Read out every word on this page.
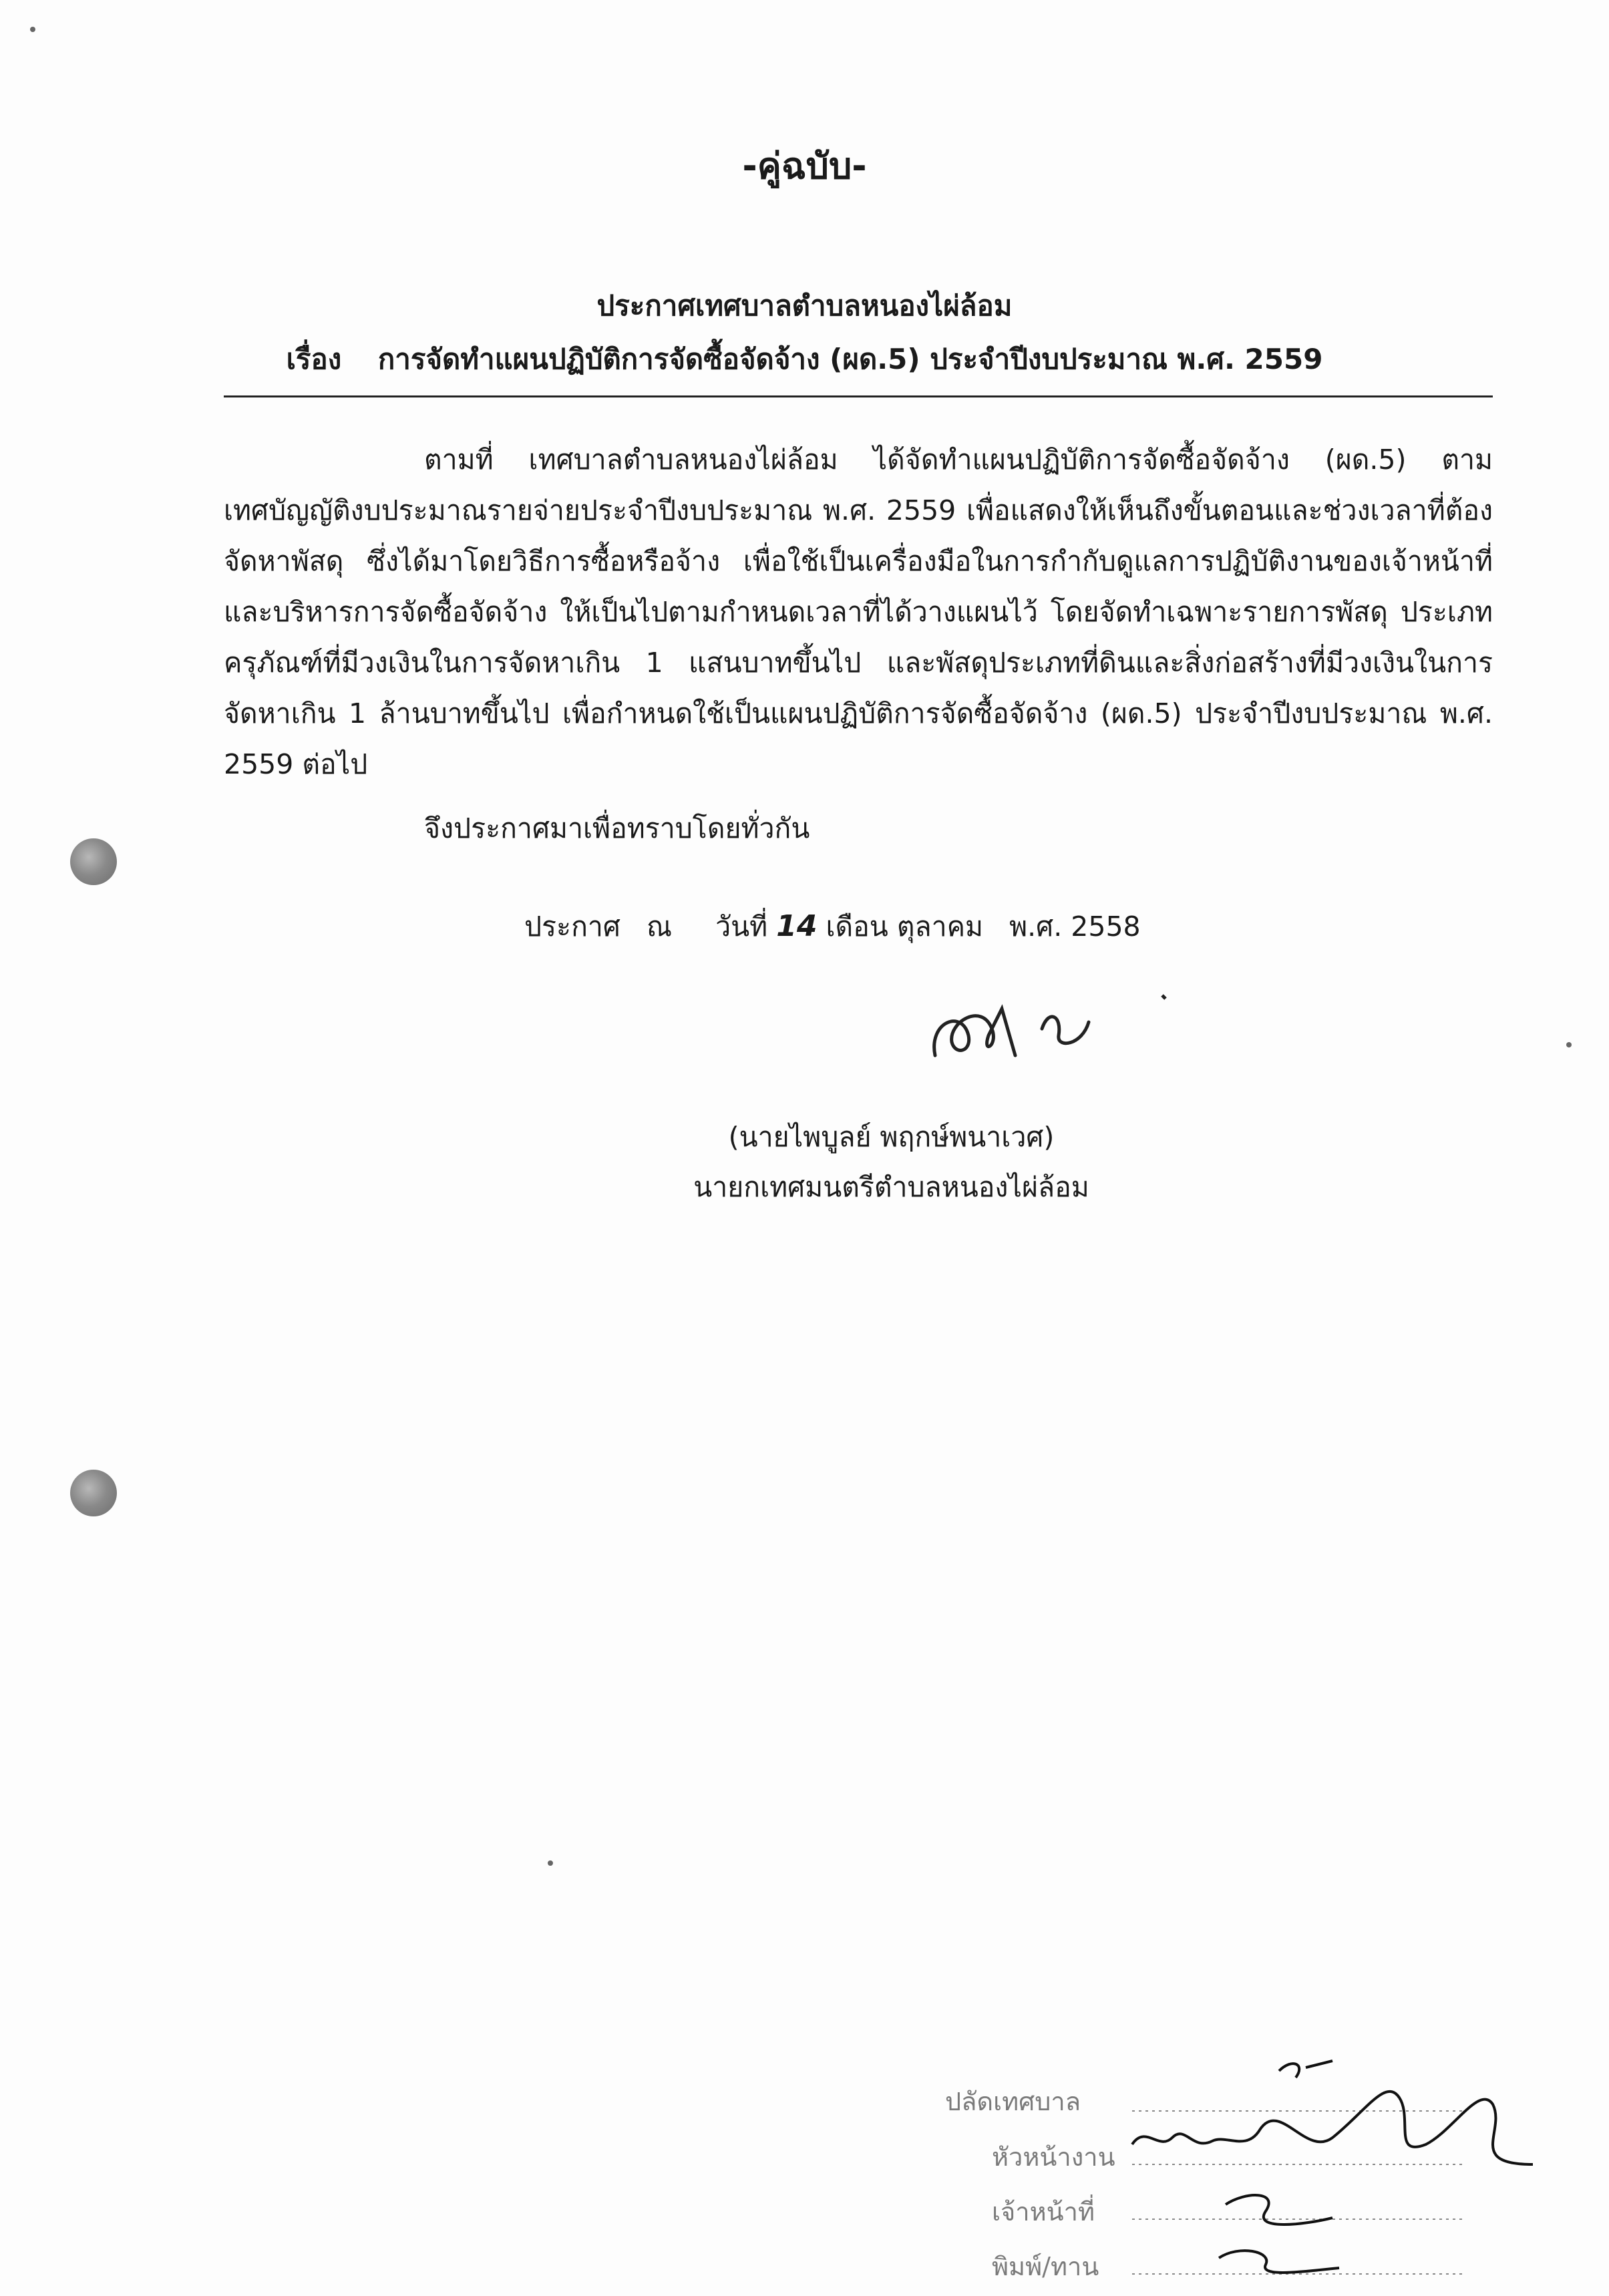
-คู่ฉบับ-
ประกาศเทศบาลตำบลหนองไผ่ล้อม
เรื่อง การจัดทำแผนปฏิบัติการจัดซื้อจัดจ้าง (ผด.5) ประจำปีงบประมาณ พ.ศ. 2559
ตามที่ เทศบาลตำบลหนองไผ่ล้อม ได้จัดทำแผนปฏิบัติการจัดซื้อจัดจ้าง (ผด.5) ตามเทศบัญญัติงบประมาณรายจ่ายประจำปีงบประมาณ พ.ศ. 2559 เพื่อแสดงให้เห็นถึงขั้นตอนและช่วงเวลาที่ต้องจัดหาพัสดุ ซึ่งได้มาโดยวิธีการซื้อหรือจ้าง เพื่อใช้เป็นเครื่องมือในการกำกับดูแลการปฏิบัติงานของเจ้าหน้าที่ และบริหารการจัดซื้อจัดจ้าง ให้เป็นไปตามกำหนดเวลาที่ได้วางแผนไว้ โดยจัดทำเฉพาะรายการพัสดุ ประเภทครุภัณฑ์ที่มีวงเงินในการจัดหาเกิน 1 แสนบาทขึ้นไป และพัสดุประเภทที่ดินและสิ่งก่อสร้างที่มีวงเงินในการจัดหาเกิน 1 ล้านบาทขึ้นไป เพื่อกำหนดใช้เป็นแผนปฏิบัติการจัดซื้อจัดจ้าง (ผด.5) ประจำปีงบประมาณ พ.ศ. 2559 ต่อไป
จึงประกาศมาเพื่อทราบโดยทั่วกัน
ประกาศ ณ วันที่ 14 เดือน ตุลาคม พ.ศ. 2558
(นายไพบูลย์ พฤกษ์พนาเวศ)
นายกเทศมนตรีตำบลหนองไผ่ล้อม
ปลัดเทศบาล
หัวหน้างาน
เจ้าหน้าที่
พิมพ์/ทาน
